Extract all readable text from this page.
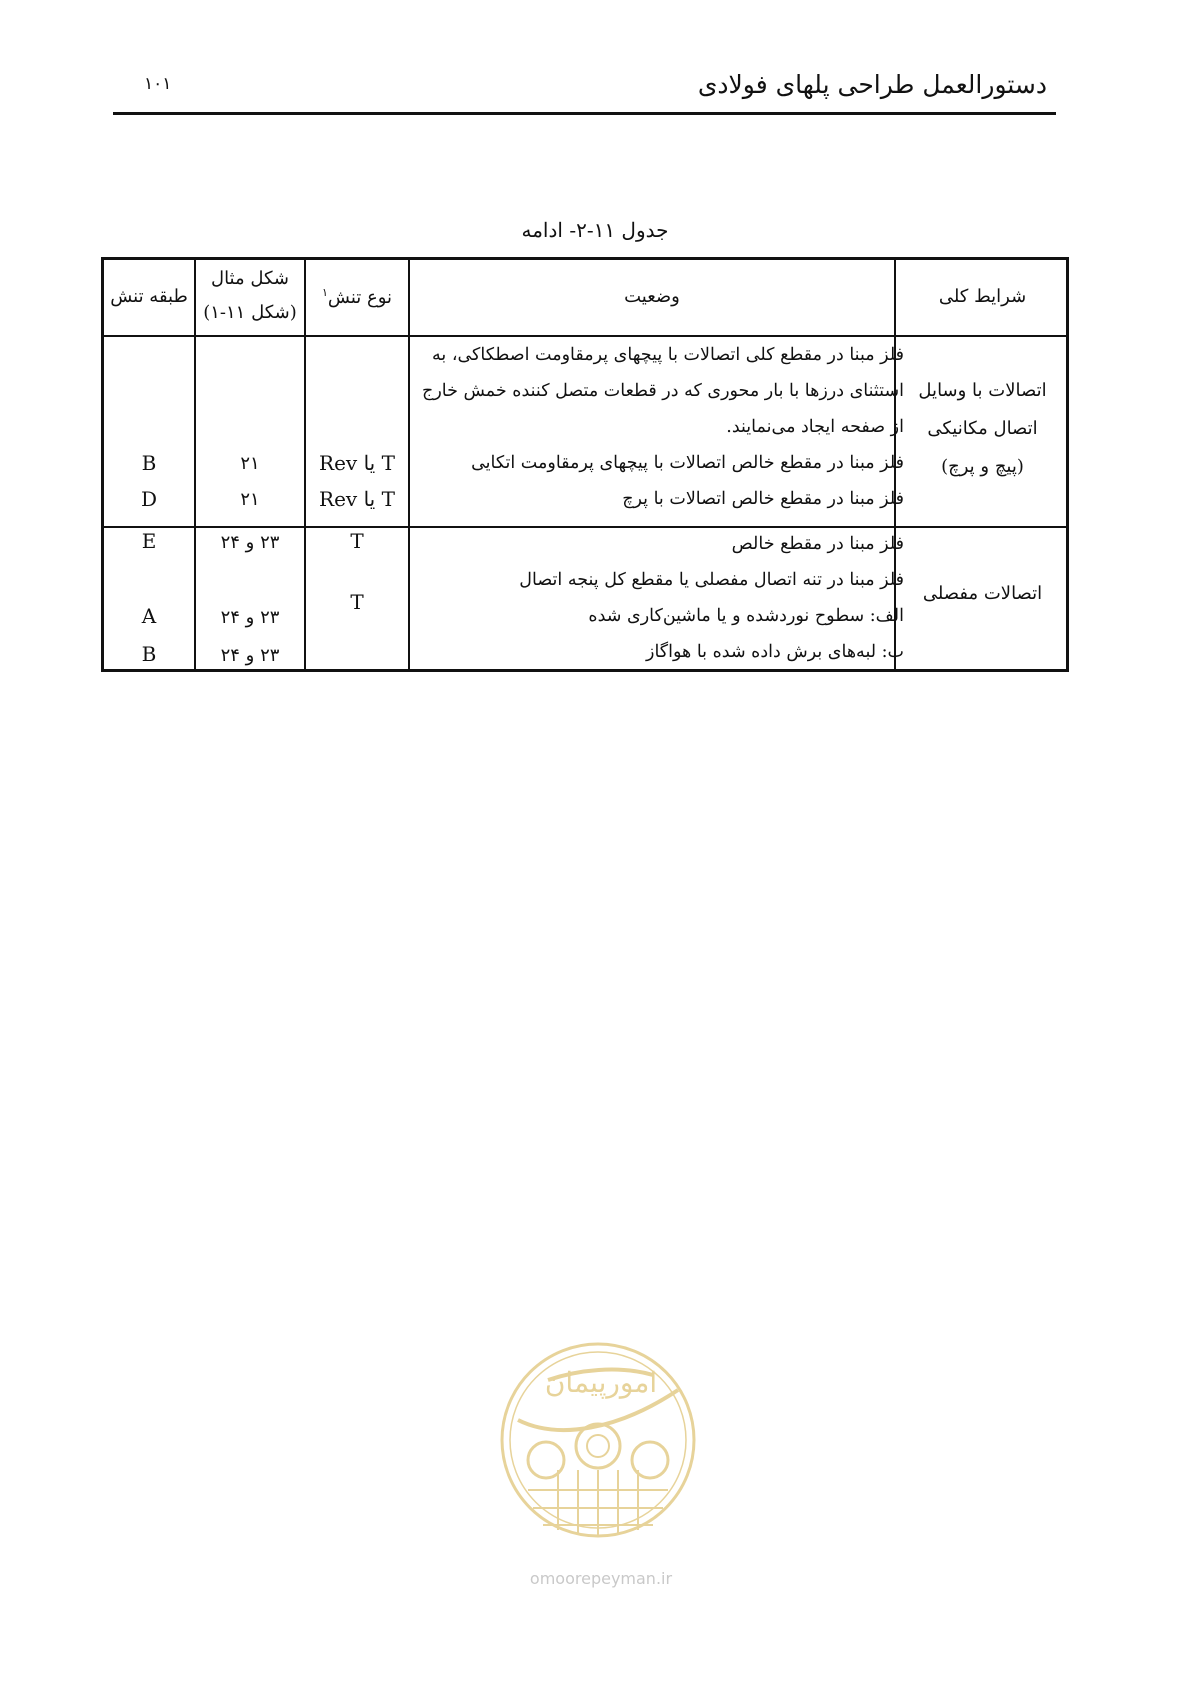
دستورالعمل طراحی پلهای فولادی
۱۰۱
جدول ۱۱-۲- ادامه
شرایط کلی
وضعیت
نوع تنش$^۱$
شکل مثال
(شکل ۱۱-۱)
طبقه تنش
اتصالات با وسایل
اتصال مکانیکی
(پیچ و پرچ)
فلز مبنا در مقطع کلی اتصالات با پیچهای پرمقاومت اصطکاکی، به
استثنای درزها با بار محوری که در قطعات متصل کننده خمش خارج
از صفحه ایجاد می‌نمایند.
فلز مبنا در مقطع خالص اتصالات با پیچهای پرمقاومت اتکایی
فلز مبنا در مقطع خالص اتصالات با پرچ
T یا Rev
۲۱
B
T یا Rev
۲۱
D
اتصالات مفصلی
فلز مبنا در مقطع خالص
فلز مبنا در تنه اتصال مفصلی یا مقطع کل پنجه اتصال
الف: سطوح نوردشده و یا ماشین‌کاری شده
ب: لبه‌های برش داده شده با هواگاز
T
۲۳ و ۲۴
E
T
۲۳ و ۲۴
A
۲۳ و ۲۴
B
امورپیمان
omoorepeyman.ir
